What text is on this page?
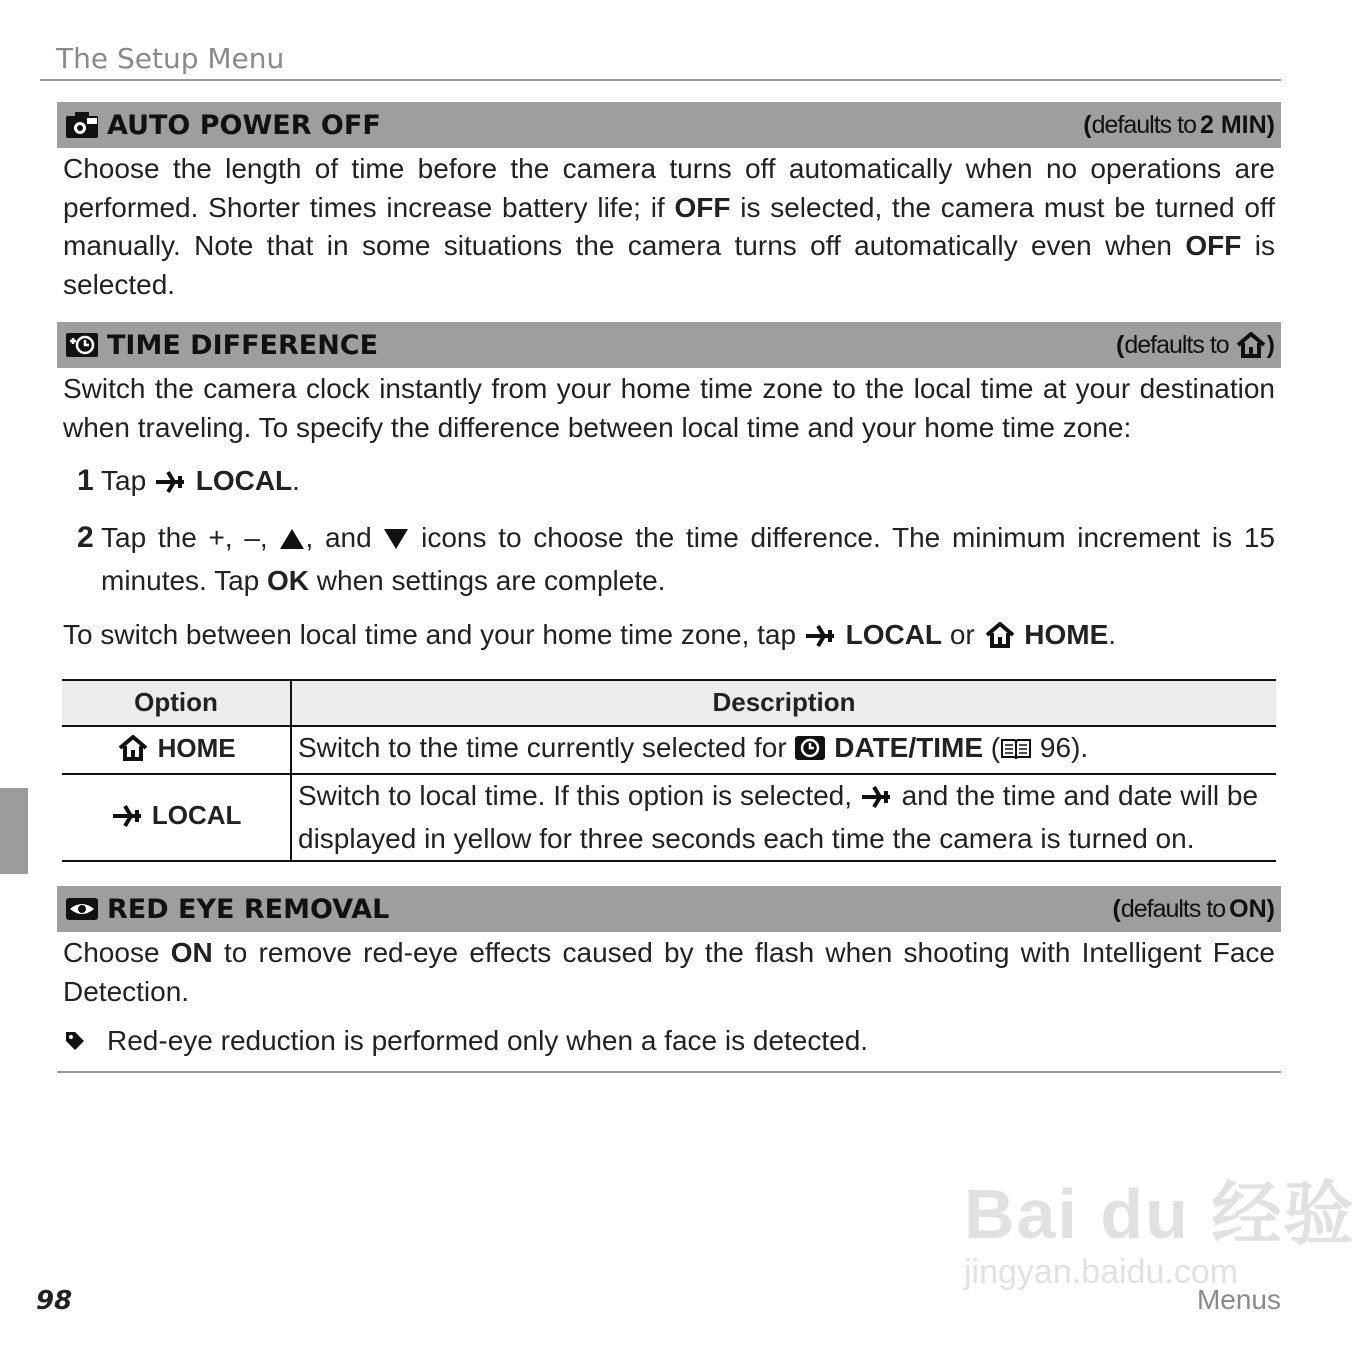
The Setup Menu
AUTO POWER OFF	( defaults to 2 MIN )

Choose the length of time before the camera turns off automatically when no operations are performed. Shorter times increase battery life; if OFF is selected, the camera must be turned off manually. Note that in some situations the camera turns off automatically even when OFF is selected.

TIME DIFFERENCE	( defaults to )

Switch the camera clock instantly from your home time zone to the local time at your destination when traveling. To specify the difference between local time and your home time zone:

1 Tap  LOCAL.
2 Tap the +, –, , and  icons to choose the time difference. The minimum increment is 15 minutes. Tap OK when settings are complete.

To switch between local time and your home time zone, tap  LOCAL or  HOME.

Option	Description
HOME	Switch to the time currently selected for  DATE/TIME ( 96).
LOCAL	Switch to local time. If this option is selected,  and the time and date will be displayed in yellow for three seconds each time the camera is turned on.
RED EYE REMOVAL	( defaults to ON )

Choose ON to remove red-eye effects caused by the flash when shooting with Intelligent Face Detection.

Red-eye reduction is performed only when a face is detected.
Bai du 经验
jingyan.baidu.com
98	Menus
